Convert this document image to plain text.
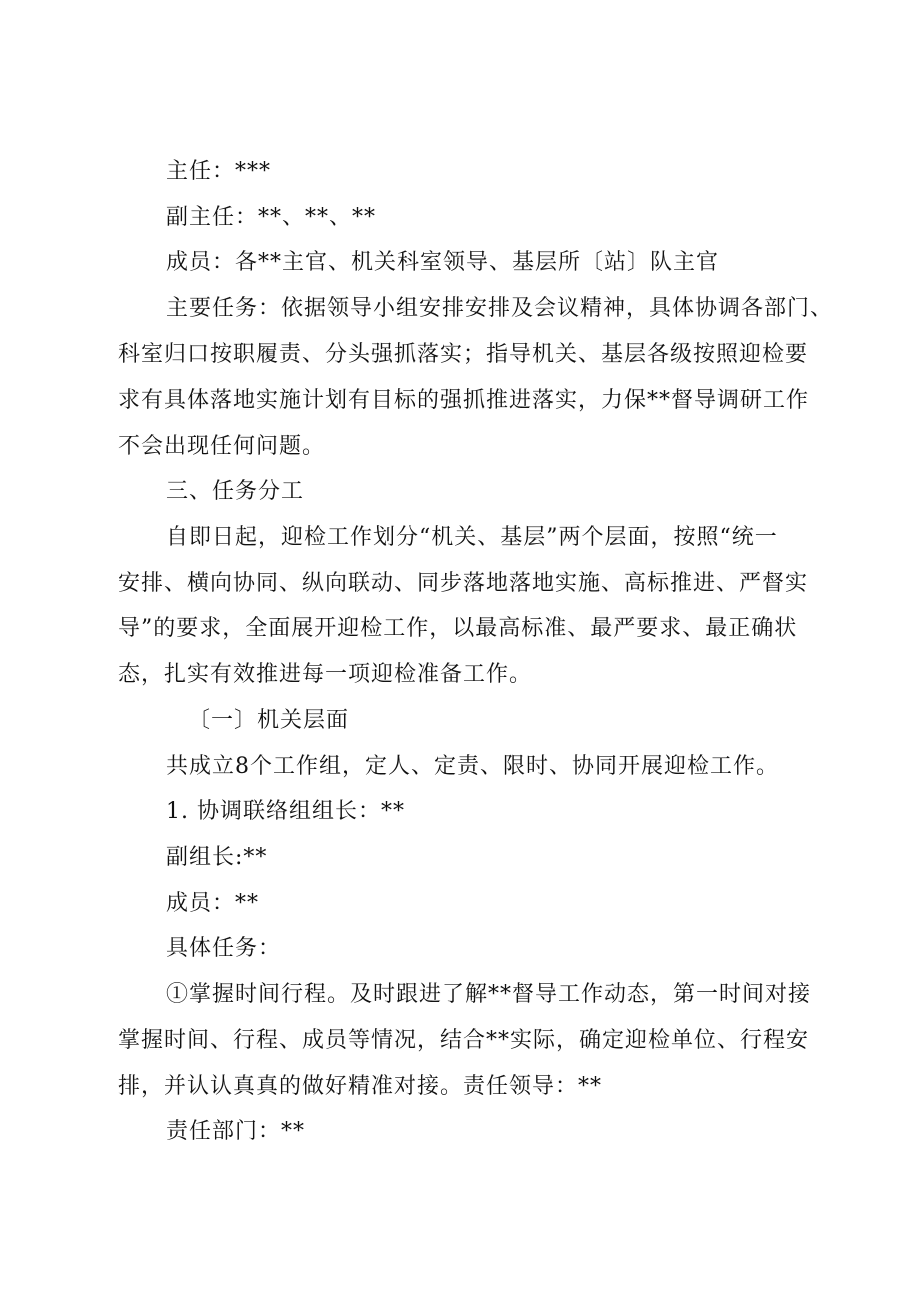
主任：***
副主任：**、**、**
成员：各**主官、机关科室领导、基层所〔站〕队主官
主要任务：依据领导小组安排安排及会议精神，具体协调各部门、
科室归口按职履责、分头强抓落实；指导机关、基层各级按照迎检要
求有具体落地实施计划有目标的强抓推进落实，力保**督导调研工作
不会出现任何问题。
三、任务分工
自即日起，迎检工作划分“机关、基层”两个层面，按照“统一
安排、横向协同、纵向联动、同步落地落地实施、高标推进、严督实
导”的要求，全面展开迎检工作，以最高标准、最严要求、最正确状
态，扎实有效推进每一项迎检准备工作。
〔一〕机关层面
共成立8个工作组，定人、定责、限时、协同开展迎检工作。
1. 协调联络组组长：**
副组长:**
成员：**
具体任务：
①掌握时间行程。及时跟进了解**督导工作动态，第一时间对接
掌握时间、行程、成员等情况，结合**实际，确定迎检单位、行程安
排，并认认真真的做好精准对接。责任领导：**
责任部门：**
